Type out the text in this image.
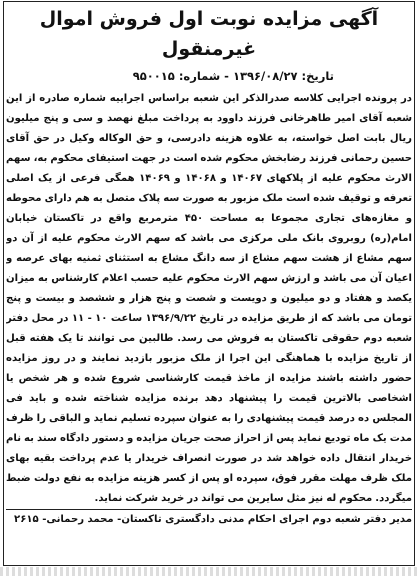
آگهی مزایده نوبت اول فروش اموال غیرمنقول
تاریخ: ۱۳۹۶/۰۸/۲۷ - شماره: ۹۵۰۰۱۵

در پرونده اجرایی کلاسه صدرالذکر این شعبه براساس اجراییه شماره صادره از این شعبه آقای امیر طاهرخانی فرزند داوود به پرداخت مبلغ نهصد و سی و پنج میلیون ریال بابت اصل خواسته، به علاوه هزینه دادرسی، و حق الوکاله وکیل در حق آقای حسین رحمانی فرزند رضابخش محکوم شده است در جهت استیفای محکوم به، سهم الارث محکوم علیه از پلاکهای ۱۴۰۶۷ و ۱۴۰۶۸ و ۱۴۰۶۹ همگی فرعی از یک اصلی تعرفه و توقیف شده است ملک مزبور به صورت سه پلاک متصل به هم دارای محوطه و مغازه‌های تجاری مجموعا به مساحت ۴۵۰ مترمربع واقع در تاکستان خیابان امام(ره) روبروی بانک ملی مرکزی می باشد که سهم الارث محکوم علیه از آن دو سهم مشاع از هشت سهم مشاع از سه دانگ مشاع به استثنای ثمنیه بهای عرصه و اعیان آن می باشد و ارزش سهم الارث محکوم علیه حسب اعلام کارشناس به میزان یکصد و هفتاد و دو میلیون و دویست و شصت و پنج هزار و ششصد و بیست و پنج تومان می باشد که از طریق مزایده در تاریخ ۱۳۹۶/۹/۲۲ ساعت ۱۰ - ۱۱ در محل دفتر شعبه دوم حقوقی تاکستان به فروش می رسد. طالبین می توانند تا یک هفته قبل از تاریخ مزایده با هماهنگی این اجرا از ملک مزبور بازدید نمایند و در روز مزایده حضور داشته باشند مزایده از ماخذ قیمت کارشناسی شروع شده و هر شخص یا اشخاصی بالاترین قیمت را پیشنهاد دهد برنده مزایده شناخته شده و باید فی المجلس ده درصد قیمت پیشنهادی را به عنوان سپرده تسلیم نماید و الباقی را ظرف مدت یک ماه تودیع نماید پس از احراز صحت جریان مزایده و دستور دادگاه سند به نام خریدار انتقال داده خواهد شد در صورت انصراف خریدار یا عدم پرداخت بقیه بهای ملک ظرف مهلت مقرر فوق، سپرده او پس از کسر هزینه مزایده به نفع دولت ضبط میگردد. محکوم له نیز مثل سایرین می تواند در خرید شرکت نماید.

مدیر دفتر شعبه دوم اجرای احکام مدنی دادگستری تاکستان- محمد رحمانی- ۲۶۱۵
